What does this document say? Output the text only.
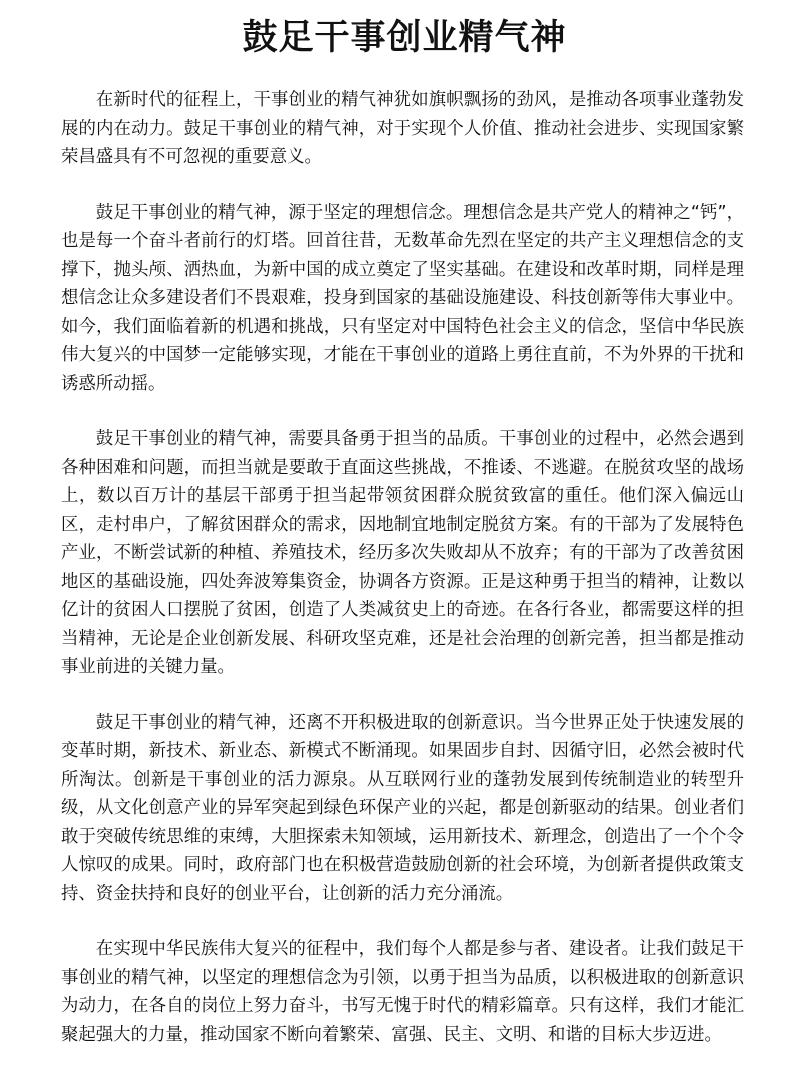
鼓足干事创业精气神

在新时代的征程上，干事创业的精气神犹如旗帜飘扬的劲风，是推动各项事业蓬勃发展的内在动力。鼓足干事创业的精气神，对于实现个人价值、推动社会进步、实现国家繁荣昌盛具有不可忽视的重要意义。

鼓足干事创业的精气神，源于坚定的理想信念。理想信念是共产党人的精神之“钙”，也是每一个奋斗者前行的灯塔。回首往昔，无数革命先烈在坚定的共产主义理想信念的支撑下，抛头颅、洒热血，为新中国的成立奠定了坚实基础。在建设和改革时期，同样是理想信念让众多建设者们不畏艰难，投身到国家的基础设施建设、科技创新等伟大事业中。如今，我们面临着新的机遇和挑战，只有坚定对中国特色社会主义的信念，坚信中华民族伟大复兴的中国梦一定能够实现，才能在干事创业的道路上勇往直前，不为外界的干扰和诱惑所动摇。

鼓足干事创业的精气神，需要具备勇于担当的品质。干事创业的过程中，必然会遇到各种困难和问题，而担当就是要敢于直面这些挑战，不推诿、不逃避。在脱贫攻坚的战场上，数以百万计的基层干部勇于担当起带领贫困群众脱贫致富的重任。他们深入偏远山区，走村串户，了解贫困群众的需求，因地制宜地制定脱贫方案。有的干部为了发展特色产业，不断尝试新的种植、养殖技术，经历多次失败却从不放弃；有的干部为了改善贫困地区的基础设施，四处奔波筹集资金，协调各方资源。正是这种勇于担当的精神，让数以亿计的贫困人口摆脱了贫困，创造了人类减贫史上的奇迹。在各行各业，都需要这样的担当精神，无论是企业创新发展、科研攻坚克难，还是社会治理的创新完善，担当都是推动事业前进的关键力量。

鼓足干事创业的精气神，还离不开积极进取的创新意识。当今世界正处于快速发展的变革时期，新技术、新业态、新模式不断涌现。如果固步自封、因循守旧，必然会被时代所淘汰。创新是干事创业的活力源泉。从互联网行业的蓬勃发展到传统制造业的转型升级，从文化创意产业的异军突起到绿色环保产业的兴起，都是创新驱动的结果。创业者们敢于突破传统思维的束缚，大胆探索未知领域，运用新技术、新理念，创造出了一个个令人惊叹的成果。同时，政府部门也在积极营造鼓励创新的社会环境，为创新者提供政策支持、资金扶持和良好的创业平台，让创新的活力充分涌流。

在实现中华民族伟大复兴的征程中，我们每个人都是参与者、建设者。让我们鼓足干事创业的精气神，以坚定的理想信念为引领，以勇于担当为品质，以积极进取的创新意识为动力，在各自的岗位上努力奋斗，书写无愧于时代的精彩篇章。只有这样，我们才能汇聚起强大的力量，推动国家不断向着繁荣、富强、民主、文明、和谐的目标大步迈进。
